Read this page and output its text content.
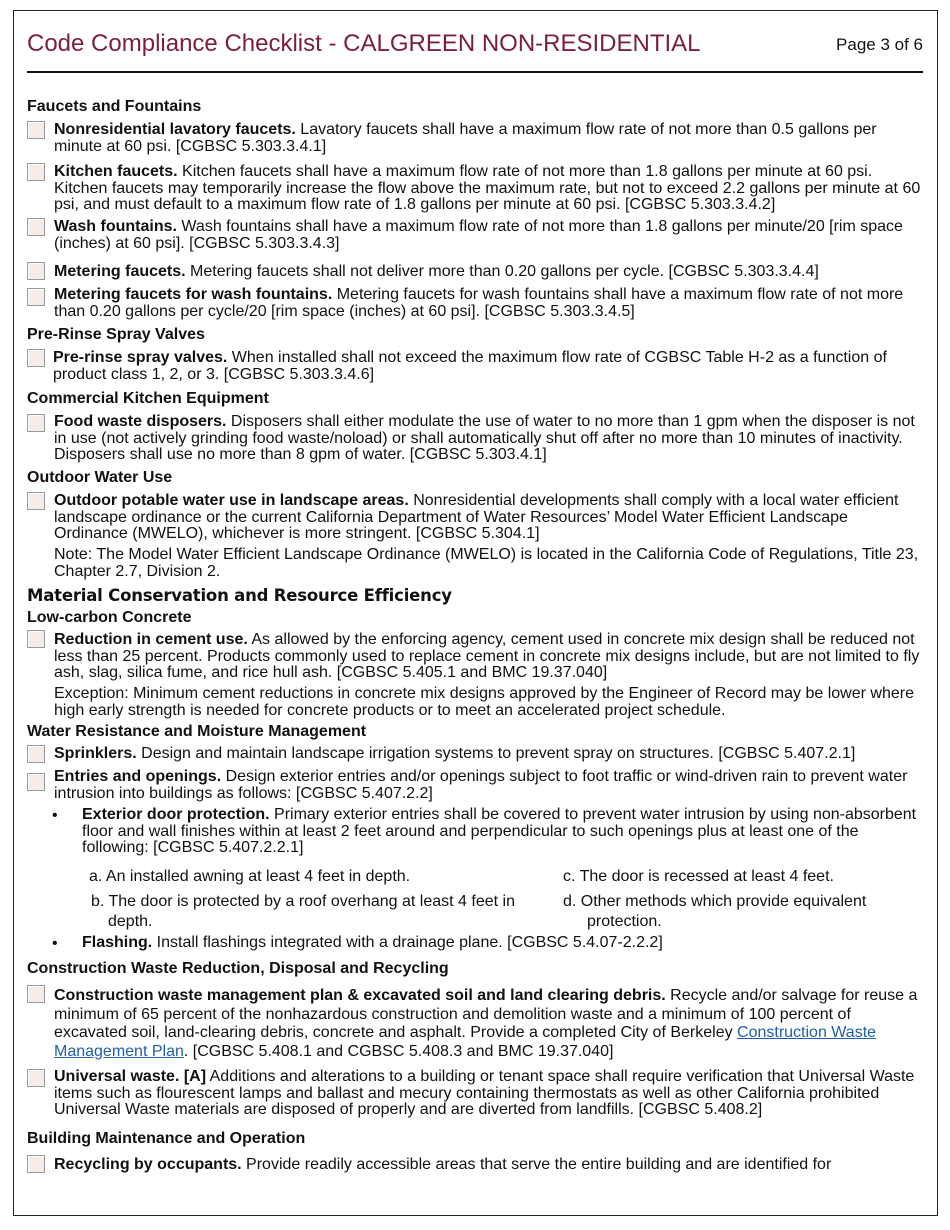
Code Compliance Checklist - CALGREEN NON-RESIDENTIAL	Page 3 of 6
Faucets and Fountains
Nonresidential lavatory faucets. Lavatory faucets shall have a maximum flow rate of not more than 0.5 gallons per minute at 60 psi. [CGBSC 5.303.3.4.1]
Kitchen faucets. Kitchen faucets shall have a maximum flow rate of not more than 1.8 gallons per minute at 60 psi. Kitchen faucets may temporarily increase the flow above the maximum rate, but not to exceed 2.2 gallons per minute at 60 psi, and must default to a maximum flow rate of 1.8 gallons per minute at 60 psi. [CGBSC 5.303.3.4.2]
Wash fountains. Wash fountains shall have a maximum flow rate of not more than 1.8 gallons per minute/20 [rim space (inches) at 60 psi]. [CGBSC 5.303.3.4.3]
Metering faucets. Metering faucets shall not deliver more than 0.20 gallons per cycle. [CGBSC 5.303.3.4.4]
Metering faucets for wash fountains. Metering faucets for wash fountains shall have a maximum flow rate of not more than 0.20 gallons per cycle/20 [rim space (inches) at 60 psi]. [CGBSC 5.303.3.4.5]
Pre-Rinse Spray Valves
Pre-rinse spray valves. When installed shall not exceed the maximum flow rate of CGBSC Table H-2 as a function of product class 1, 2, or 3. [CGBSC 5.303.3.4.6]
Commercial Kitchen Equipment
Food waste disposers. Disposers shall either modulate the use of water to no more than 1 gpm when the disposer is not in use (not actively grinding food waste/noload) or shall automatically shut off after no more than 10 minutes of inactivity. Disposers shall use no more than 8 gpm of water. [CGBSC 5.303.4.1]
Outdoor Water Use
Outdoor potable water use in landscape areas. Nonresidential developments shall comply with a local water efficient landscape ordinance or the current California Department of Water Resources’ Model Water Efficient Landscape Ordinance (MWELO), whichever is more stringent. [CGBSC 5.304.1]
Note: The Model Water Efficient Landscape Ordinance (MWELO) is located in the California Code of Regulations, Title 23, Chapter 2.7, Division 2.
Material Conservation and Resource Efficiency
Low-carbon Concrete
Reduction in cement use. As allowed by the enforcing agency, cement used in concrete mix design shall be reduced not less than 25 percent. Products commonly used to replace cement in concrete mix designs include, but are not limited to fly ash, slag, silica fume, and rice hull ash. [CGBSC 5.405.1 and BMC 19.37.040]
Exception: Minimum cement reductions in concrete mix designs approved by the Engineer of Record may be lower where high early strength is needed for concrete products or to meet an accelerated project schedule.
Water Resistance and Moisture Management
Sprinklers. Design and maintain landscape irrigation systems to prevent spray on structures. [CGBSC 5.407.2.1]
Entries and openings. Design exterior entries and/or openings subject to foot traffic or wind-driven rain to prevent water intrusion into buildings as follows: [CGBSC 5.407.2.2]
• Exterior door protection. Primary exterior entries shall be covered to prevent water intrusion by using non-absorbent floor and wall finishes within at least 2 feet around and perpendicular to such openings plus at least one of the following: [CGBSC 5.407.2.2.1]
a. An installed awning at least 4 feet in depth.
b. The door is protected by a roof overhang at least 4 feet in depth.
c. The door is recessed at least 4 feet.
d. Other methods which provide equivalent protection.
• Flashing. Install flashings integrated with a drainage plane. [CGBSC 5.4.07-2.2.2]
Construction Waste Reduction, Disposal and Recycling
Construction waste management plan & excavated soil and land clearing debris. Recycle and/or salvage for reuse a minimum of 65 percent of the nonhazardous construction and demolition waste and a minimum of 100 percent of excavated soil, land-clearing debris, concrete and asphalt. Provide a completed City of Berkeley Construction Waste Management Plan. [CGBSC 5.408.1 and CGBSC 5.408.3 and BMC 19.37.040]
Universal waste. [A] Additions and alterations to a building or tenant space shall require verification that Universal Waste items such as flourescent lamps and ballast and mecury containing thermostats as well as other California prohibited Universal Waste materials are disposed of properly and are diverted from landfills. [CGBSC 5.408.2]
Building Maintenance and Operation
Recycling by occupants. Provide readily accessible areas that serve the entire building and are identified for
